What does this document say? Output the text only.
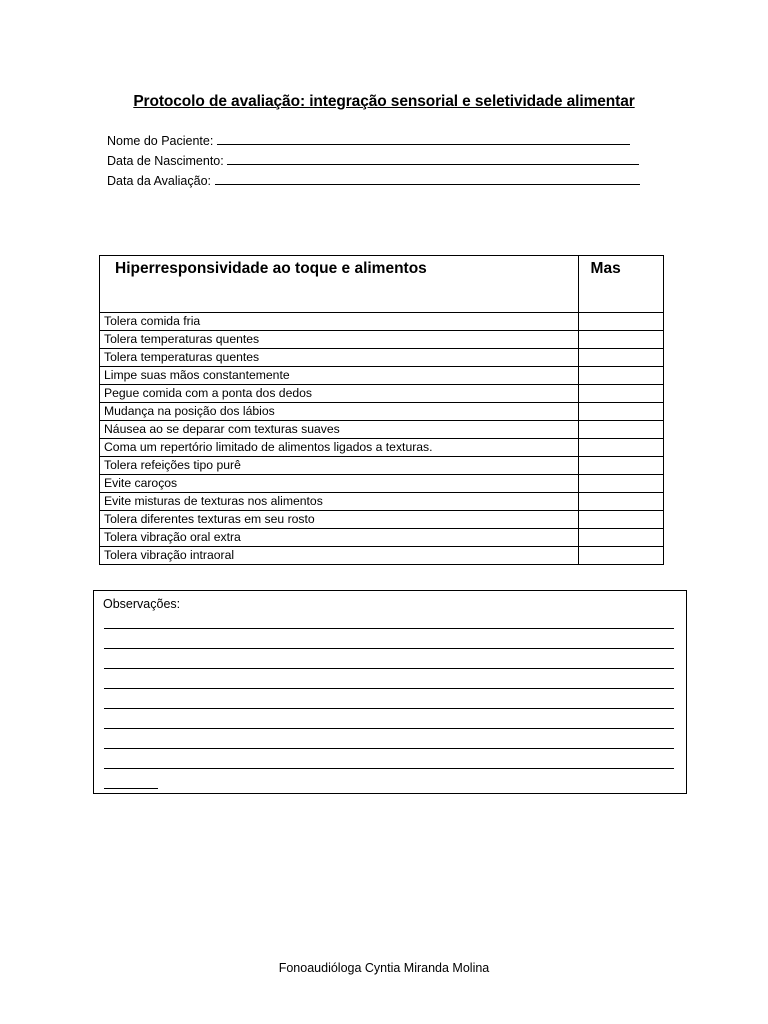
Protocolo de avaliação: integração sensorial e seletividade alimentar
Nome do Paciente:
Data de Nascimento:
Data da Avaliação:
Hiperresponsividade ao toque e alimentos	Mas
Tolera comida fria	
Tolera temperaturas quentes	
Tolera temperaturas quentes	
Limpe suas mãos constantemente	
Pegue comida com a ponta dos dedos	
Mudança na posição dos lábios	
Náusea ao se deparar com texturas suaves	
Coma um repertório limitado de alimentos ligados a texturas.	
Tolera refeições tipo purê	
Evite caroços	
Evite misturas de texturas nos alimentos	
Tolera diferentes texturas em seu rosto	
Tolera vibração oral extra	
Tolera vibração intraoral	
Observações:
Fonoaudióloga Cyntia Miranda Molina
